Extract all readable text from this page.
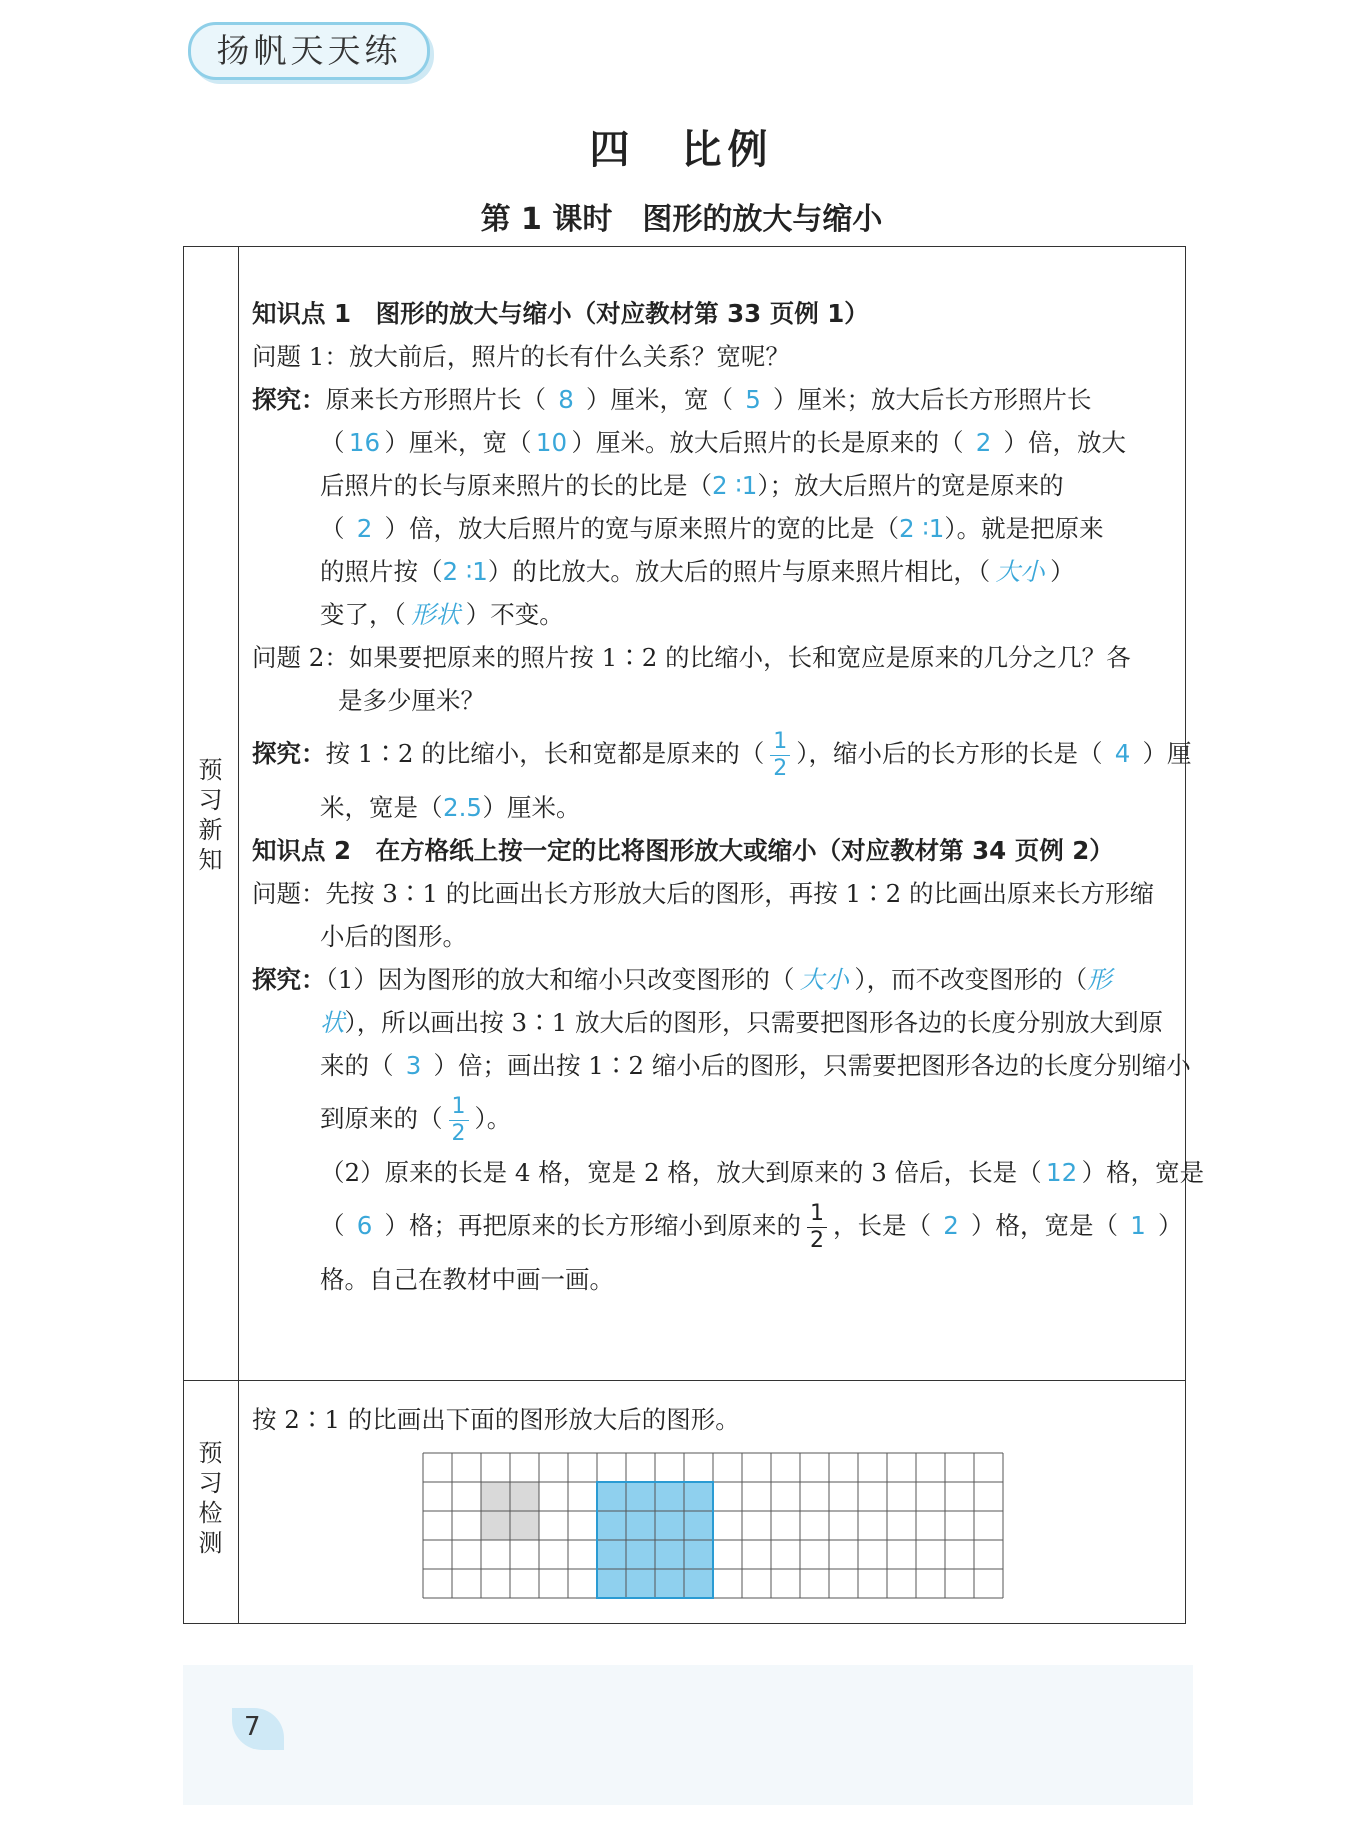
扬帆天天练
四　比例
第 1 课时　图形的放大与缩小
预
习
新
知
预
习
检
测
知识点 1　图形的放大与缩小（对应教材第 33 页例 1）
问题 1：放大前后，照片的长有什么关系？宽呢？
探究：原来长方形照片长（ 8 ）厘米，宽（ 5 ）厘米；放大后长方形照片长
（ 16 ）厘米，宽（ 10 ）厘米。放大后照片的长是原来的（ 2 ）倍，放大
后照片的长与原来照片的长的比是（2 ∶1）；放大后照片的宽是原来的
（ 2 ）倍，放大后照片的宽与原来照片的宽的比是（2 ∶1）。就是把原来
的照片按（2 ∶1）的比放大。放大后的照片与原来照片相比，（ 大小 ）
变了，（ 形状 ）不变。
问题 2：如果要把原来的照片按 1∶2 的比缩小，长和宽应是原来的几分之几？各
是多少厘米？
探究：按 1∶2 的比缩小，长和宽都是原来的（ $\frac{1}{2}$ ），缩小后的长方形的长是（ 4 ）厘
米，宽是（2.5）厘米。
知识点 2　在方格纸上按一定的比将图形放大或缩小（对应教材第 34 页例 2）
问题：先按 3∶1 的比画出长方形放大后的图形，再按 1∶2 的比画出原来长方形缩
小后的图形。
探究：（1）因为图形的放大和缩小只改变图形的（ 大小 ），而不改变图形的（形
状），所以画出按 3∶1 放大后的图形，只需要把图形各边的长度分别放大到原
来的（ 3 ）倍；画出按 1∶2 缩小后的图形，只需要把图形各边的长度分别缩小
到原来的（ $\frac{1}{2}$ ）。
（2）原来的长是 4 格，宽是 2 格，放大到原来的 3 倍后，长是（ 12 ）格，宽是
（ 6 ）格；再把原来的长方形缩小到原来的 $\frac{1}{2}$ ，长是（ 2 ）格，宽是（ 1 ）
格。自己在教材中画一画。
按 2∶1 的比画出下面的图形放大后的图形。
7
